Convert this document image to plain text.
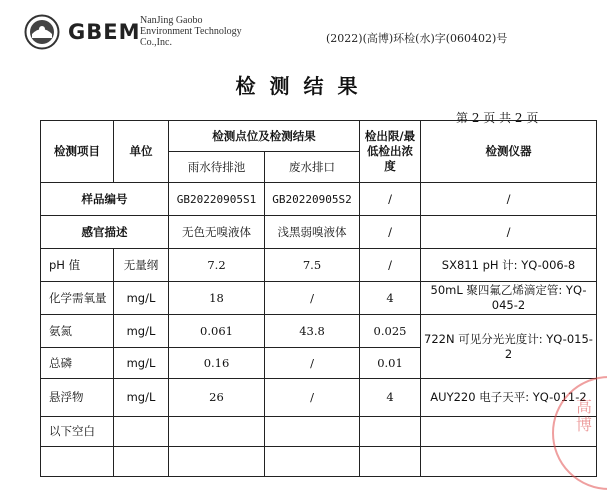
GBEM NanJing Gaobo
Environment Technology
Co.,Inc.	(2022)(高博)环检(水)字(060402)号
检测结果
第 2 页 共 2 页
检测项目	单位	检测点位及检测结果		检出限/最低检出浓度	检测仪器
		雨水待排池	废水排口		
样品编号		GB20220905S1	GB20220905S2	/	/
感官描述		无色无嗅液体	浅黑弱嗅液体	/	/
pH 值	无量纲	7.2	7.5	/	SX811 pH 计: YQ-006-8
化学需氧量	mg/L	18	/	4	50mL 聚四氟乙烯滴定管: YQ-045-2
氨氮	mg/L	0.061	43.8	0.025	722N 可见分光光度计: YQ-015-2
总磷	mg/L	0.16	/	0.01	
悬浮物	mg/L	26	/	4	AUY220 电子天平: YQ-011-2
以下空白					

高
博
